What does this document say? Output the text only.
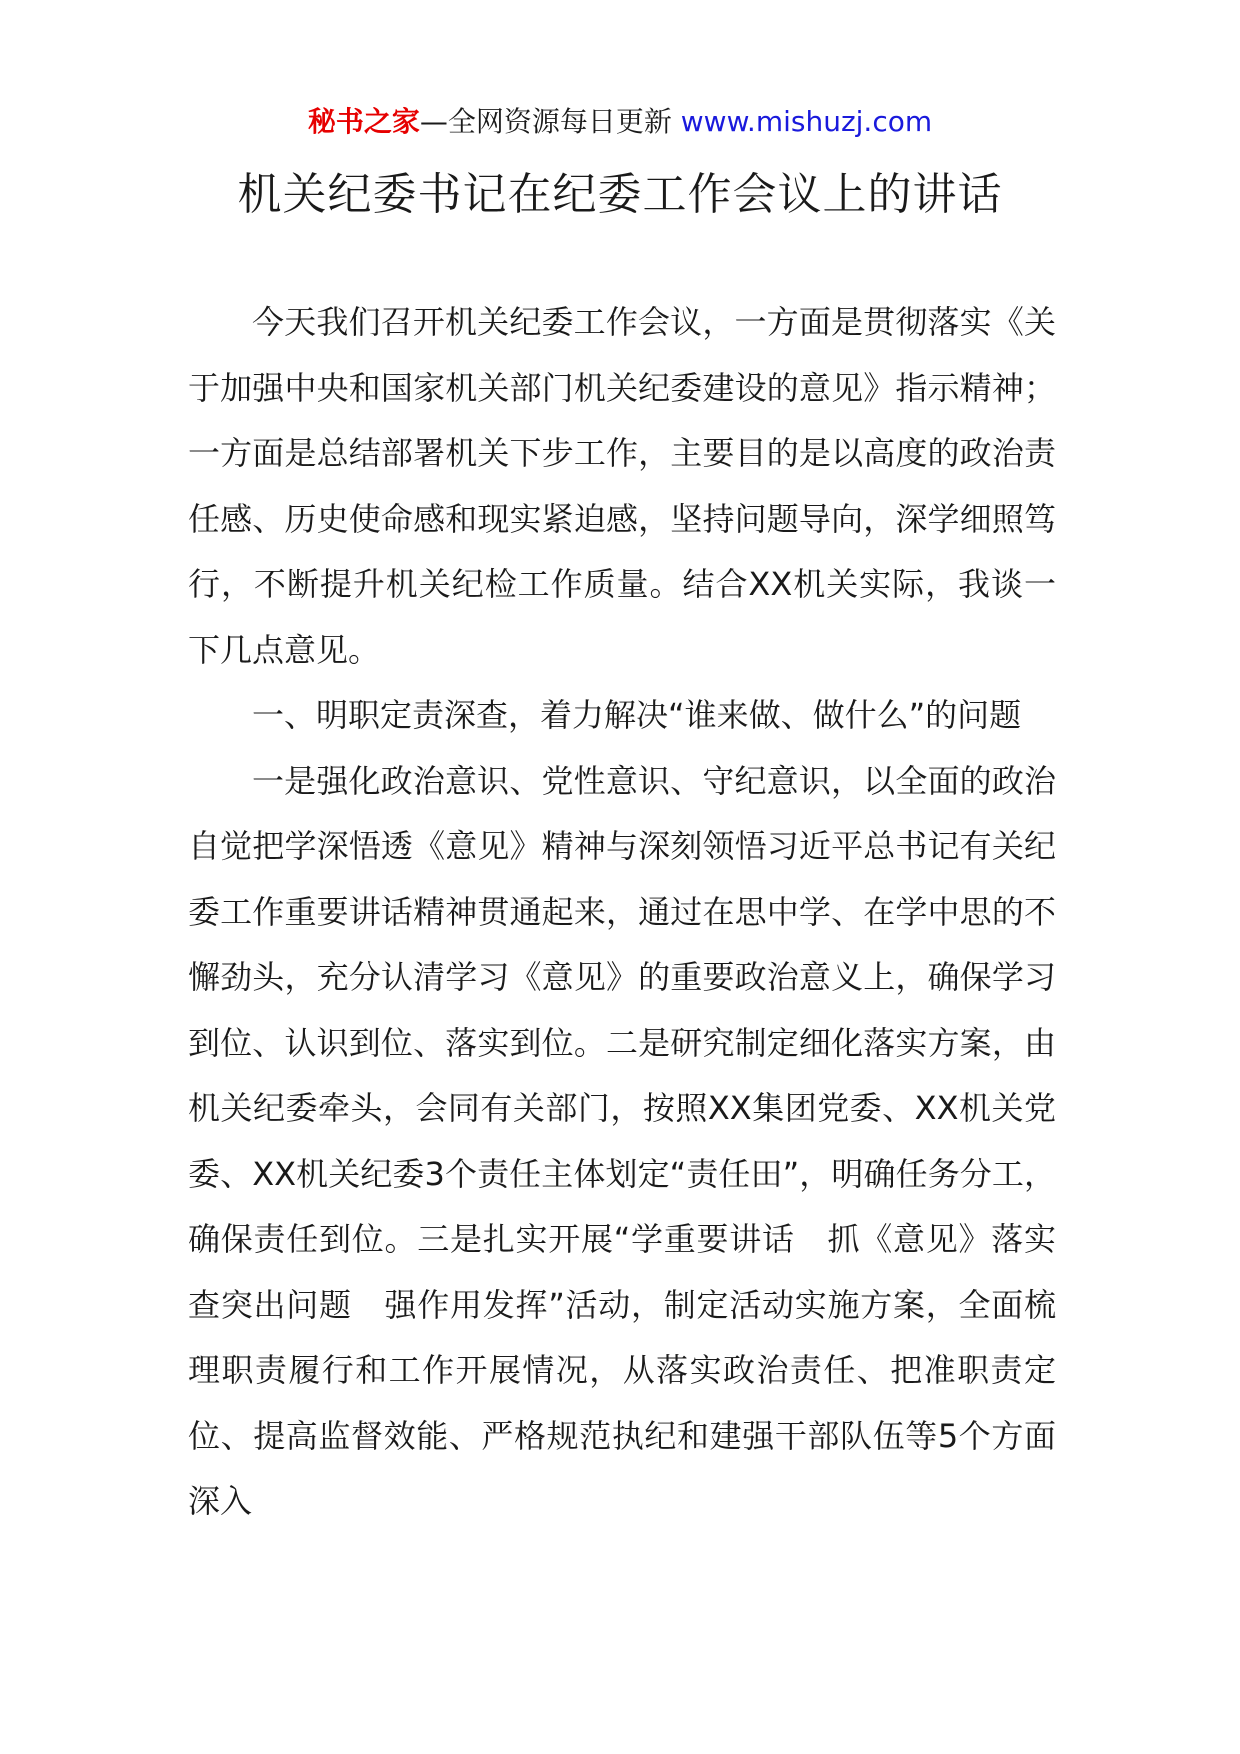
秘书之家—全网资源每日更新 www.mishuzj.com
机关纪委书记在纪委工作会议上的讲话

今天我们召开机关纪委工作会议，一方面是贯彻落实《关于加强中央和国家机关部门机关纪委建设的意见》指示精神；一方面是总结部署机关下步工作，主要目的是以高度的政治责任感、历史使命感和现实紧迫感，坚持问题导向，深学细照笃行，不断提升机关纪检工作质量。结合XX机关实际，我谈一下几点意见。

一、明职定责深查，着力解决“谁来做、做什么”的问题

一是强化政治意识、党性意识、守纪意识，以全面的政治自觉把学深悟透《意见》精神与深刻领悟习近平总书记有关纪委工作重要讲话精神贯通起来，通过在思中学、在学中思的不懈劲头，充分认清学习《意见》的重要政治意义上，确保学习到位、认识到位、落实到位。二是研究制定细化落实方案，由机关纪委牵头，会同有关部门，按照XX集团党委、XX机关党委、XX机关纪委3个责任主体划定“责任田”，明确任务分工，确保责任到位。三是扎实开展“学重要讲话　抓《意见》落实　查突出问题　强作用发挥”活动，制定活动实施方案，全面梳理职责履行和工作开展情况，从落实政治责任、把准职责定位、提高监督效能、严格规范执纪和建强干部队伍等5个方面深入
